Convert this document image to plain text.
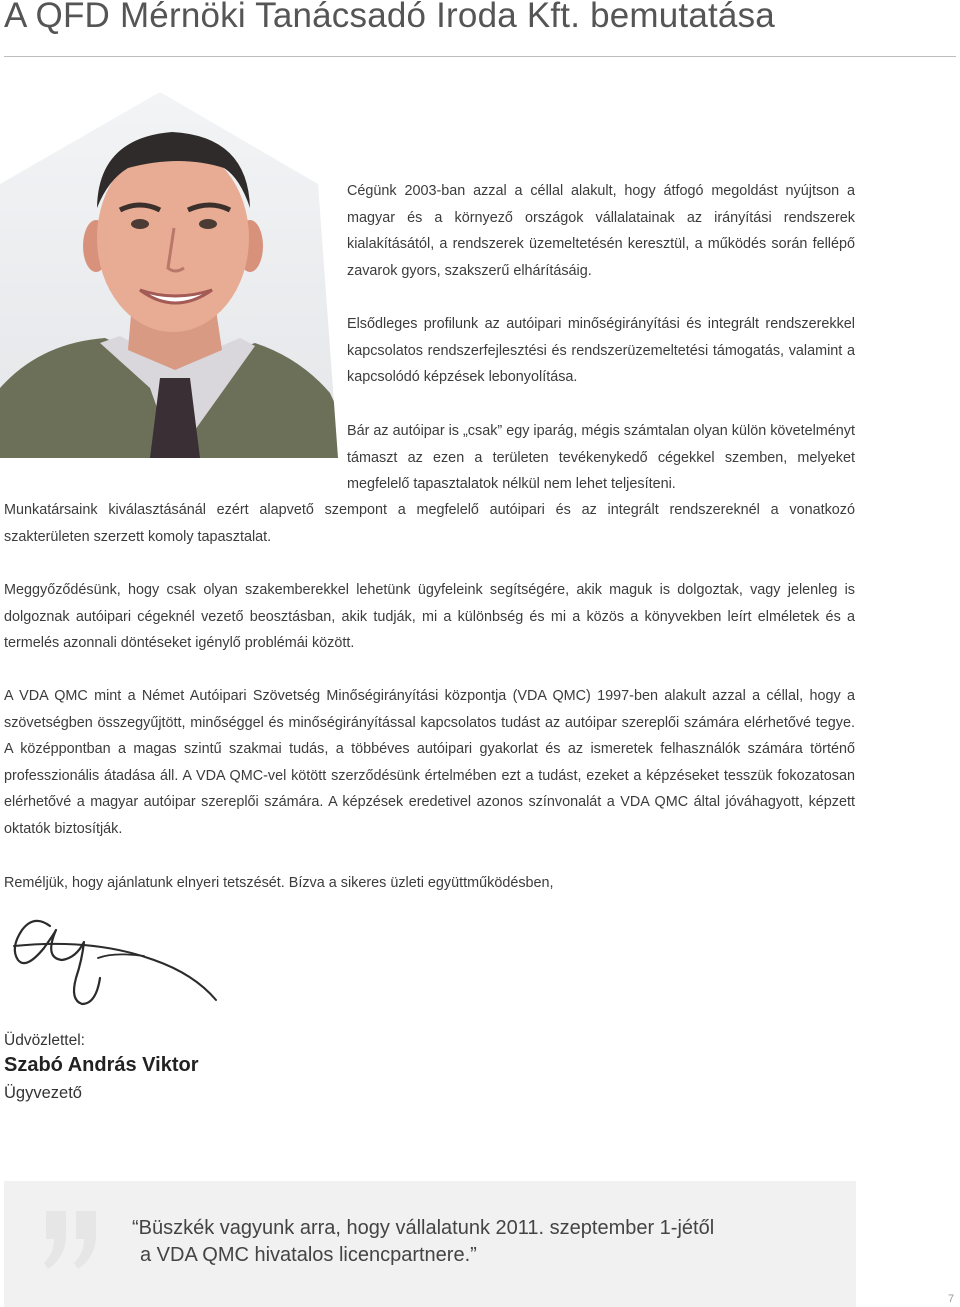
A QFD Mérnöki Tanácsadó Iroda Kft. bemutatása

Cégünk 2003-ban azzal a céllal alakult, hogy átfogó megoldást nyújtson a magyar és a környező országok vállalatainak az irányítási rendszerek kialakításától, a rendszerek üzemeltetésén keresztül, a működés során fellépő zavarok gyors, szakszerű elhárításáig.

Elsődleges profilunk az autóipari minőségirányítási és integrált rendszerekkel kapcsolatos rendszerfejlesztési és rendszerüzemeltetési támogatás, valamint a kapcsolódó képzések lebonyolítása.

Bár az autóipar is „csak” egy iparág, mégis számtalan olyan külön követelményt támaszt az ezen a területen tevékenykedő cégekkel szemben, melyeket megfelelő tapasztalatok nélkül nem lehet teljesíteni.

Munkatársaink kiválasztásánál ezért alapvető szempont a megfelelő autóipari és az integrált rendszereknél a vonatkozó szakterületen szerzett komoly tapasztalat.

Meggyőződésünk, hogy csak olyan szakemberekkel lehetünk ügyfeleink segítségére, akik maguk is dolgoztak, vagy jelenleg is dolgoznak autóipari cégeknél vezető beosztásban, akik tudják, mi a különbség és mi a közös a könyvekben leírt elméletek és a termelés azonnali döntéseket igénylő problémái között.

A VDA QMC mint a Német Autóipari Szövetség Minőségirányítási központja (VDA QMC) 1997-ben alakult azzal a céllal, hogy a szövetségben összegyűjtött, minőséggel és minőségirányítással kapcsolatos tudást az autóipar szereplői számára elérhetővé tegye. A középpontban a magas szintű szakmai tudás, a többéves autóipari gyakorlat és az ismeretek felhasználók számára történő professzionális átadása áll. A VDA QMC-vel kötött szerződésünk értelmében ezt a tudást, ezeket a képzéseket tesszük fokozatosan elérhetővé a magyar autóipar szereplői számára. A képzések eredetivel azonos színvonalát a VDA QMC által jóváhagyott, képzett oktatók biztosítják.

Reméljük, hogy ajánlatunk elnyeri tetszését. Bízva a sikeres üzleti együttműködésben,

Üdvözlettel:

Szabó András Viktor

Ügyvezető

“Büszkék vagyunk arra, hogy vállalatunk 2011. szeptember 1-jétől
a VDA QMC hivatalos licencpartnere.”

7
